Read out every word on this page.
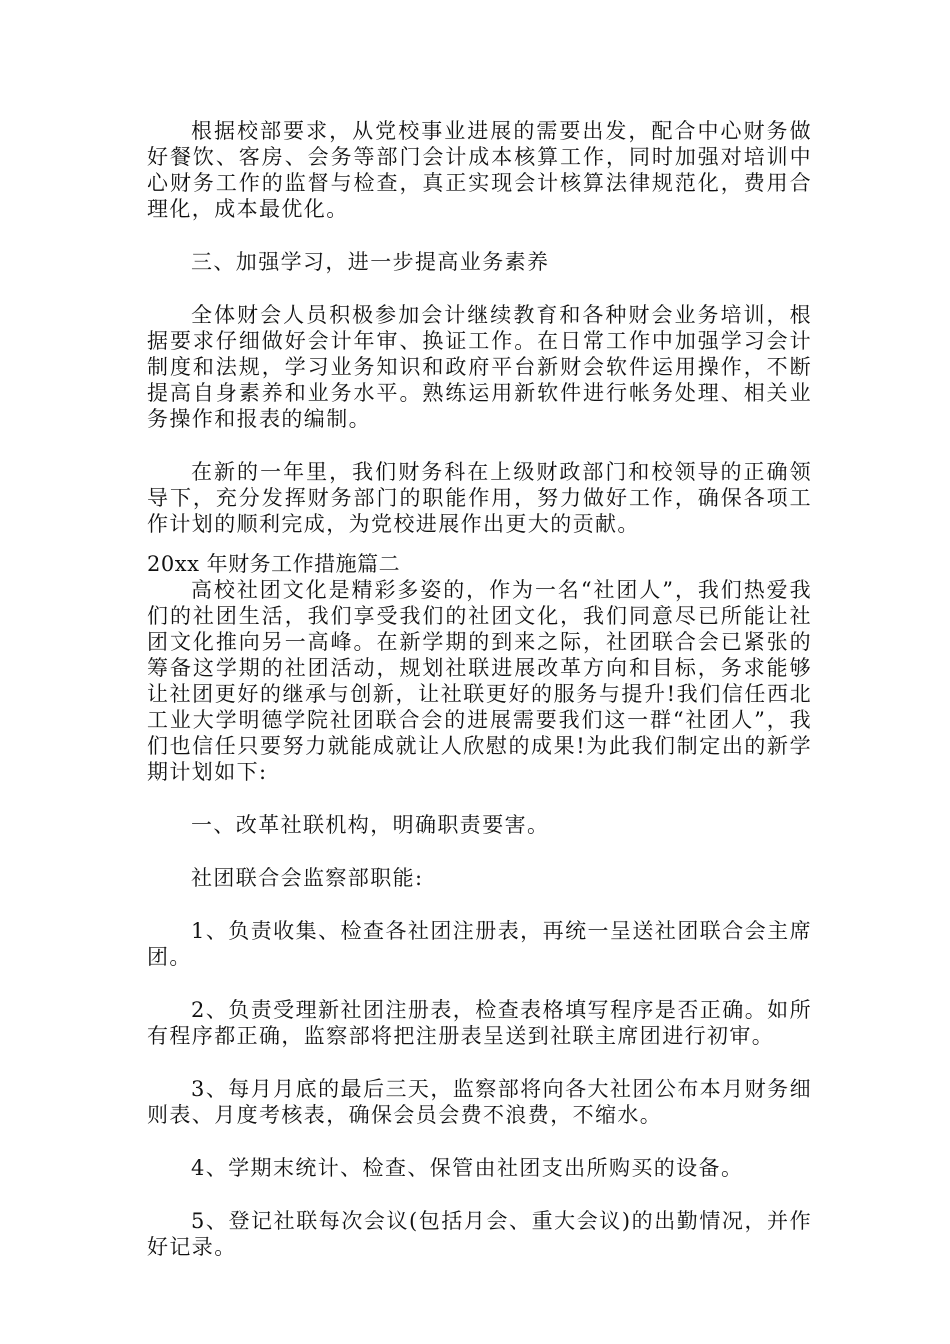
根据校部要求，从党校事业进展的需要出发，配合中心财务做好餐饮、客房、会务等部门会计成本核算工作，同时加强对培训中心财务工作的监督与检查，真正实现会计核算法律规范化，费用合理化，成本最优化。

三、加强学习，进一步提高业务素养

全体财会人员积极参加会计继续教育和各种财会业务培训，根据要求仔细做好会计年审、换证工作。在日常工作中加强学习会计制度和法规，学习业务知识和政府平台新财会软件运用操作，不断提高自身素养和业务水平。熟练运用新软件进行帐务处理、相关业务操作和报表的编制。

在新的一年里，我们财务科在上级财政部门和校领导的正确领导下，充分发挥财务部门的职能作用，努力做好工作，确保各项工作计划的顺利完成，为党校进展作出更大的贡献。

20xx 年财务工作措施篇二

高校社团文化是精彩多姿的，作为一名“社团人”，我们热爱我们的社团生活，我们享受我们的社团文化，我们同意尽已所能让社团文化推向另一高峰。在新学期的到来之际，社团联合会已紧张的筹备这学期的社团活动，规划社联进展改革方向和目标，务求能够让社团更好的继承与创新，让社联更好的服务与提升!我们信任西北工业大学明德学院社团联合会的进展需要我们这一群“社团人”，我们也信任只要努力就能成就让人欣慰的成果!为此我们制定出的新学期计划如下:

一、改革社联机构，明确职责要害。

社团联合会监察部职能:

1、负责收集、检查各社团注册表，再统一呈送社团联合会主席团。

2、负责受理新社团注册表，检查表格填写程序是否正确。如所有程序都正确，监察部将把注册表呈送到社联主席团进行初审。

3、每月月底的最后三天，监察部将向各大社团公布本月财务细则表、月度考核表，确保会员会费不浪费，不缩水。

4、学期末统计、检查、保管由社团支出所购买的设备。

5、登记社联每次会议(包括月会、重大会议)的出勤情况，并作好记录。
